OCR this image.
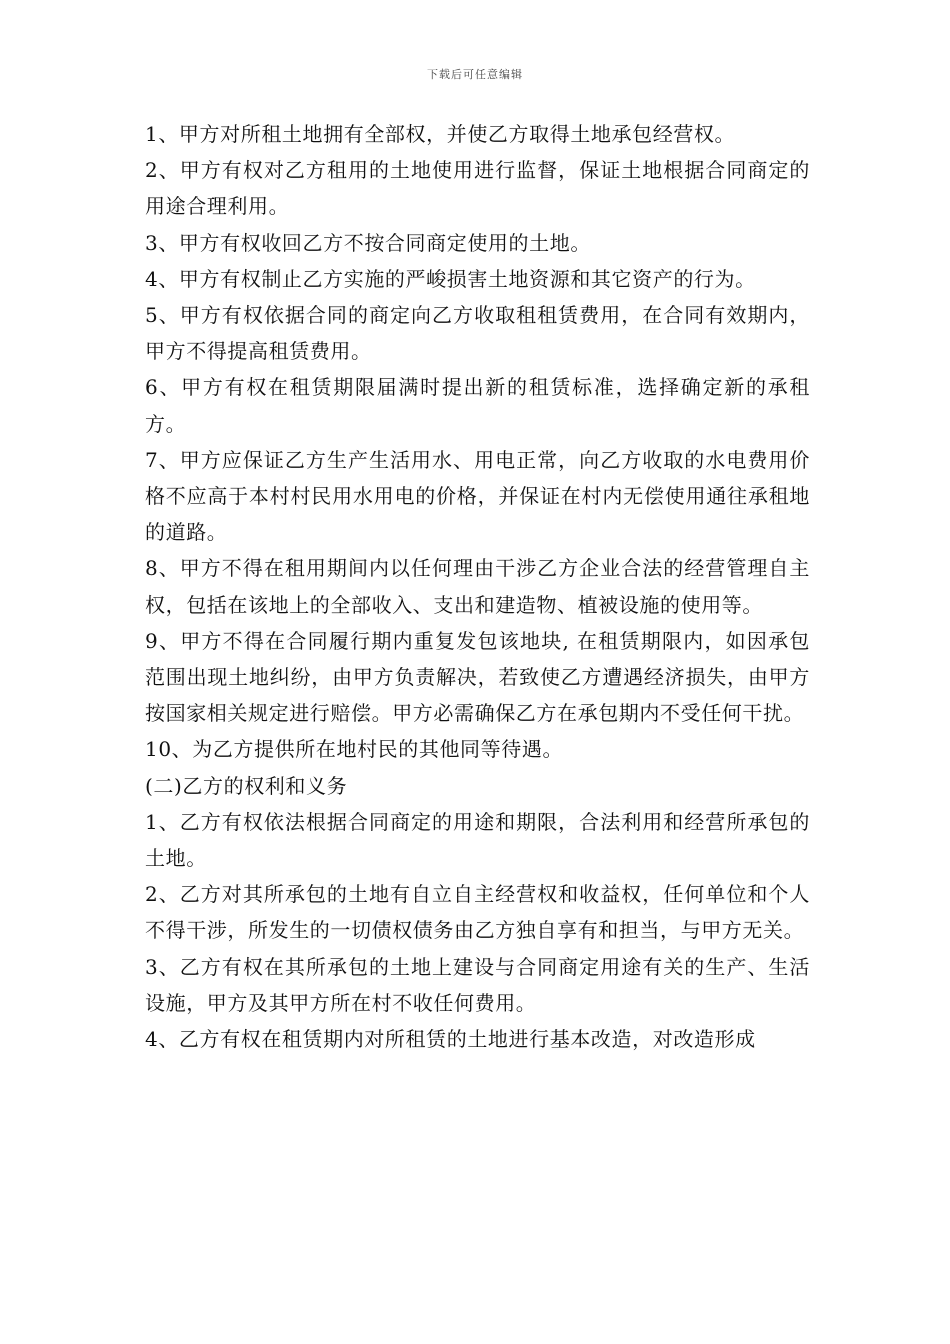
下载后可任意编辑

1、甲方对所租土地拥有全部权，并使乙方取得土地承包经营权。

2、甲方有权对乙方租用的土地使用进行监督，保证土地根据合同商定的用途合理利用。

3、甲方有权收回乙方不按合同商定使用的土地。

4、甲方有权制止乙方实施的严峻损害土地资源和其它资产的行为。

5、甲方有权依据合同的商定向乙方收取租租赁费用，在合同有效期内，甲方不得提高租赁费用。

6、甲方有权在租赁期限届满时提出新的租赁标准，选择确定新的承租方。

7、甲方应保证乙方生产生活用水、用电正常，向乙方收取的水电费用价格不应高于本村村民用水用电的价格，并保证在村内无偿使用通往承租地的道路。

8、甲方不得在租用期间内以任何理由干涉乙方企业合法的经营管理自主权，包括在该地上的全部收入、支出和建造物、植被设施的使用等。

9、甲方不得在合同履行期内重复发包该地块, 在租赁期限内，如因承包范围出现土地纠纷，由甲方负责解决，若致使乙方遭遇经济损失，由甲方按国家相关规定进行赔偿。甲方必需确保乙方在承包期内不受任何干扰。

10、为乙方提供所在地村民的其他同等待遇。

(二)乙方的权利和义务

1、乙方有权依法根据合同商定的用途和期限，合法利用和经营所承包的土地。

2、乙方对其所承包的土地有自立自主经营权和收益权，任何单位和个人不得干涉，所发生的一切债权债务由乙方独自享有和担当，与甲方无关。

3、乙方有权在其所承包的土地上建设与合同商定用途有关的生产、生活设施，甲方及其甲方所在村不收任何费用。

4、乙方有权在租赁期内对所租赁的土地进行基本改造，对改造形成
